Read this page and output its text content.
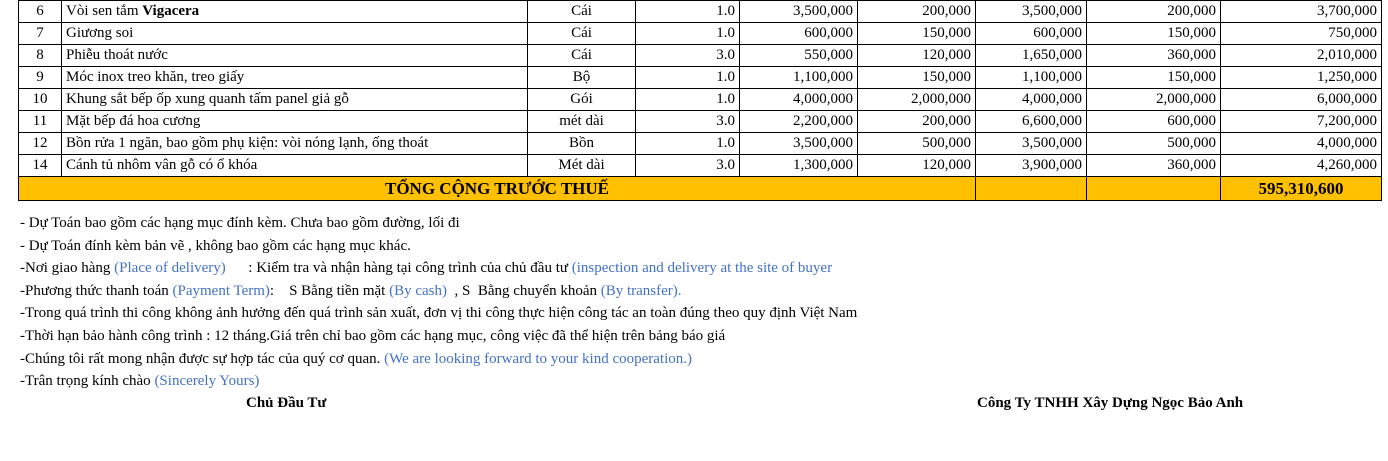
6	Vòi sen tắm Vigacera	Cái	1.0	3,500,000	200,000	3,500,000	200,000	3,700,000
7	Giương soi	Cái	1.0	600,000	150,000	600,000	150,000	750,000
8	Phiễu thoát nước	Cái	3.0	550,000	120,000	1,650,000	360,000	2,010,000
9	Móc inox treo khăn, treo giấy	Bộ	1.0	1,100,000	150,000	1,100,000	150,000	1,250,000
10	Khung sắt bếp ốp xung quanh tấm panel giả gỗ	Gói	1.0	4,000,000	2,000,000	4,000,000	2,000,000	6,000,000
11	Mặt bếp đá hoa cương	mét dài	3.0	2,200,000	200,000	6,600,000	600,000	7,200,000
12	Bồn rửa 1 ngăn, bao gồm phụ kiện: vòi nóng lạnh, ống thoát	Bồn	1.0	3,500,000	500,000	3,500,000	500,000	4,000,000
14	Cánh tủ nhôm vân gỗ có ổ khóa	Mét dài	3.0	1,300,000	120,000	3,900,000	360,000	4,260,000
TỔNG CỘNG TRƯỚC THUẾ								595,310,600
- Dự Toán bao gồm các hạng mục đính kèm. Chưa bao gồm đường, lối đi
- Dự Toán đính kèm bản vẽ , không bao gồm các hạng mục khác.
-Nơi giao hàng (Place of delivery)      : Kiểm tra và nhận hàng tại công trình của chủ đầu tư (inspection and delivery at the site of buyer
-Phương thức thanh toán (Payment Term):    S Bằng tiền mặt (By cash)  , S  Bằng chuyển khoản (By transfer).
-Trong quá trình thi công không ảnh hưởng đến quá trình sản xuất, đơn vị thi công thực hiện công tác an toàn đúng theo quy định Việt Nam
-Thời hạn bảo hành công trình : 12 tháng.Giá trên chỉ bao gồm các hạng mục, công việc đã thể hiện trên bảng báo giá
-Chúng tôi rất mong nhận được sự hợp tác của quý cơ quan. (We are looking forward to your kind cooperation.)
-Trân trọng kính chào (Sincerely Yours)
Chủ Đầu Tư	Công Ty TNHH Xây Dựng Ngọc Bảo Anh
